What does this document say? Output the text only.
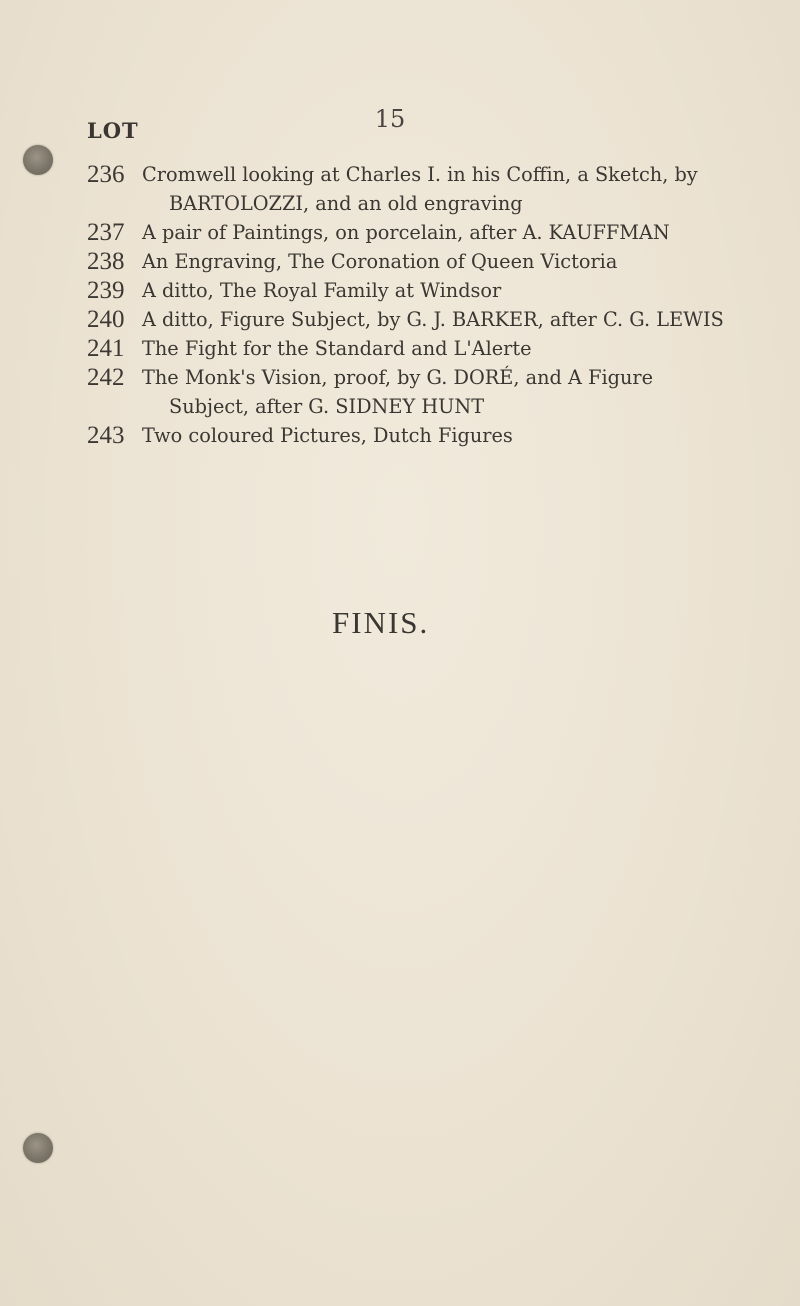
15
LOT
236 Cromwell looking at Charles I. in his Coffin, a Sketch, by
BARTOLOZZI, and an old engraving
237 A pair of Paintings, on porcelain, after A. KAUFFMAN
238 An Engraving, The Coronation of Queen Victoria
239 A ditto, The Royal Family at Windsor
240 A ditto, Figure Subject, by G. J. BARKER, after C. G. LEWIS
241 The Fight for the Standard and L'Alerte
242 The Monk's Vision, proof, by G. DORÉ, and A Figure
Subject, after G. SIDNEY HUNT
243 Two coloured Pictures, Dutch Figures
FINIS.
